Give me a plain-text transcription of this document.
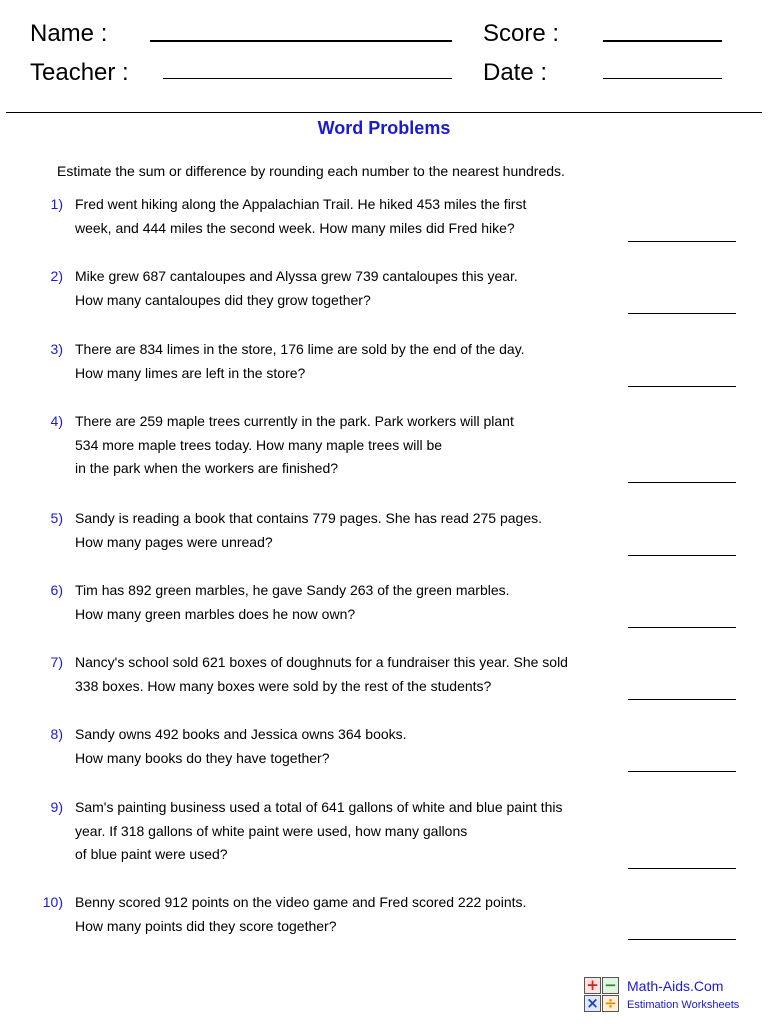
Name :	Score :
Teacher :	Date :
Word Problems
Estimate the sum or difference by rounding each number to the nearest hundreds.
1) Fred went hiking along the Appalachian Trail. He hiked 453 miles the first
week, and 444 miles the second week. How many miles did Fred hike?
2) Mike grew 687 cantaloupes and Alyssa grew 739 cantaloupes this year.
How many cantaloupes did they grow together?
3) There are 834 limes in the store, 176 lime are sold by the end of the day.
How many limes are left in the store?
4) There are 259 maple trees currently in the park. Park workers will plant
534 more maple trees today. How many maple trees will be
in the park when the workers are finished?
5) Sandy is reading a book that contains 779 pages. She has read 275 pages.
How many pages were unread?
6) Tim has 892 green marbles, he gave Sandy 263 of the green marbles.
How many green marbles does he now own?
7) Nancy's school sold 621 boxes of doughnuts for a fundraiser this year. She sold
338 boxes. How many boxes were sold by the rest of the students?
8) Sandy owns 492 books and Jessica owns 364 books.
How many books do they have together?
9) Sam's painting business used a total of 641 gallons of white and blue paint this
year. If 318 gallons of white paint were used, how many gallons
of blue paint were used?
10) Benny scored 912 points on the video game and Fred scored 222 points.
How many points did they score together?
+ −
× ÷
Math-Aids.Com
Estimation Worksheets
